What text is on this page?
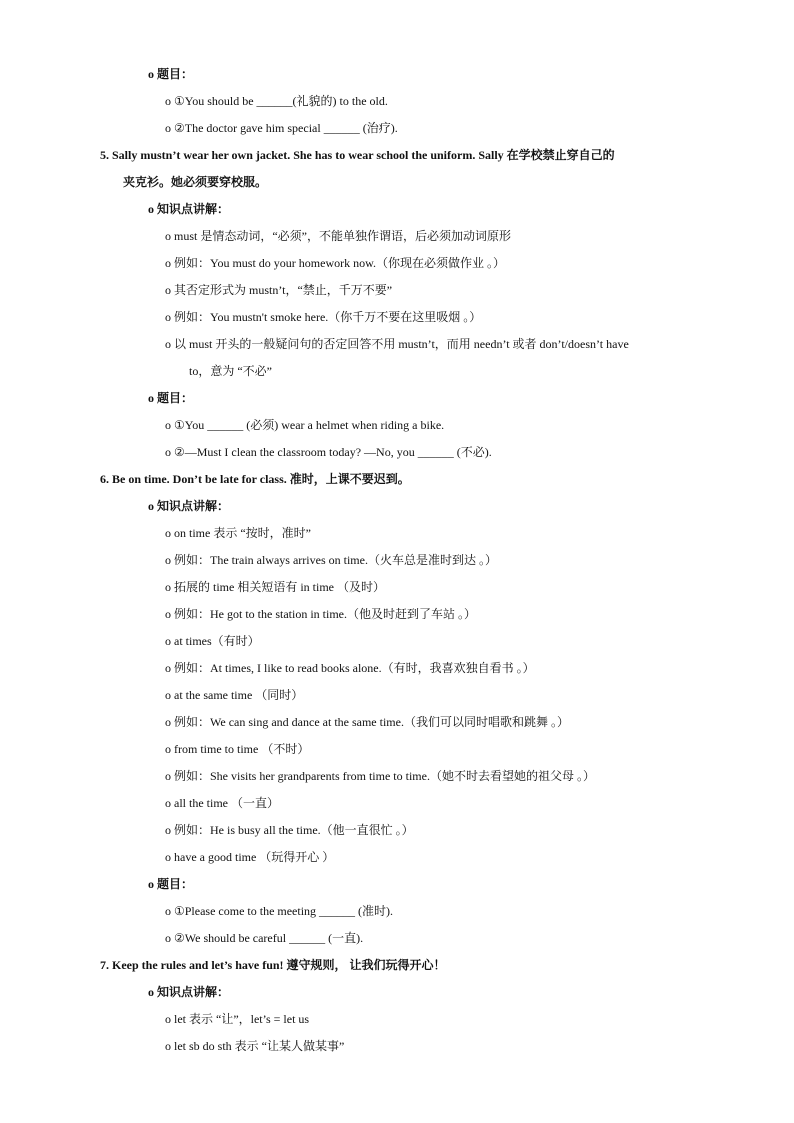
o 题目：
o ①You should be ______(礼貌的) to the old.
o ②The doctor gave him special ______ (治疗).
5. Sally mustn’t wear her own jacket. She has to wear school the uniform. Sally 在学校禁止穿自己的
夹克衫。她必须要穿校服。
o 知识点讲解：
o must 是情态动词，“必须”，不能单独作谓语，后必须加动词原形
o 例如：You must do your homework now.（你现在必须做作业 。）
o 其否定形式为 mustn’t，“禁止，千万不要”
o 例如：You mustn't smoke here.（你千万不要在这里吸烟 。）
o 以 must 开头的一般疑问句的否定回答不用 mustn’t，而用 needn’t 或者 don’t/doesn’t have
to，意为 “不必”
o 题目：
o ①You ______ (必须) wear a helmet when riding a bike.
o ②—Must I clean the classroom today? —No, you ______ (不必).
6. Be on time. Don’t be late for class. 准时，上课不要迟到。
o 知识点讲解：
o on time 表示 “按时，准时”
o 例如：The train always arrives on time.（火车总是准时到达 。）
o 拓展的 time 相关短语有 in time （及时）
o 例如：He got to the station in time.（他及时赶到了车站 。）
o at times（有时）
o 例如：At times, I like to read books alone.（有时，我喜欢独自看书 。）
o at the same time （同时）
o 例如：We can sing and dance at the same time.（我们可以同时唱歌和跳舞 。）
o from time to time （不时）
o 例如：She visits her grandparents from time to time.（她不时去看望她的祖父母 。）
o all the time （一直）
o 例如：He is busy all the time.（他一直很忙 。）
o have a good time （玩得开心 ）
o 题目：
o ①Please come to the meeting ______ (准时).
o ②We should be careful ______ (一直).
7. Keep the rules and let’s have fun! 遵守规则， 让我们玩得开心！
o 知识点讲解：
o let 表示 “让”，let’s = let us
o let sb do sth 表示 “让某人做某事”
